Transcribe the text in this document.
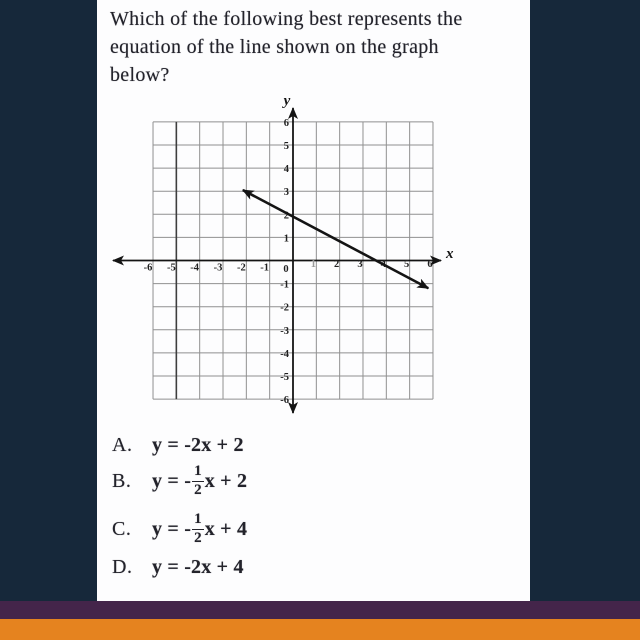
Which of the following best represents the
equation of the line shown on the graph
below?
x
y
-6 -5 -4 -3 -2 -1 0 1 2 3	5 6
6
5
4
3
2
1
-1
-2
-3
-4
-5
-6
A. y = -2x + 2
B.	y = - $\frac{1}{2}$ x + 2
C.	y = - $\frac{1}{2}$ x + 4
D. y = -2x + 4
